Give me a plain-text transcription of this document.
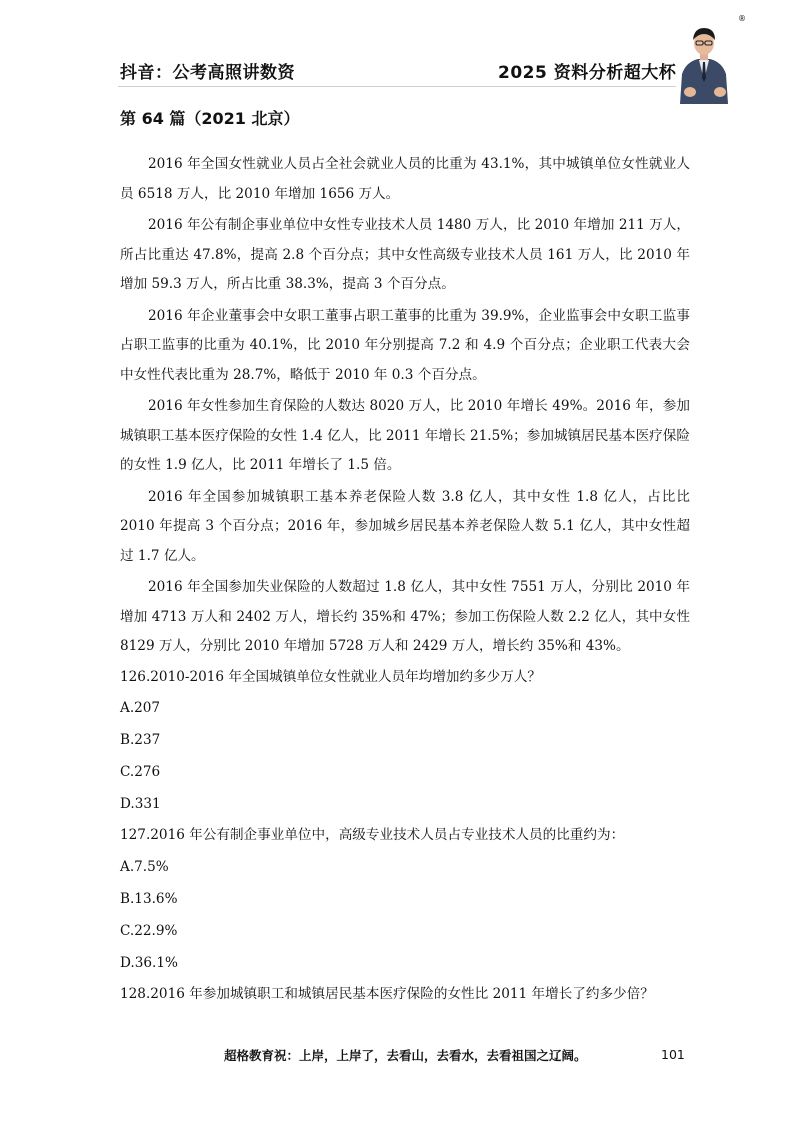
抖音：公考高照讲数资	2025 资料分析超大杯
®
第 64 篇（2021 北京）

2016 年全国女性就业人员占全社会就业人员的比重为 43.1%，其中城镇单位女性就业人员 6518 万人，比 2010 年增加 1656 万人。

2016 年公有制企事业单位中女性专业技术人员 1480 万人，比 2010 年增加 211 万人，所占比重达 47.8%，提高 2.8 个百分点；其中女性高级专业技术人员 161 万人，比 2010 年增加 59.3 万人，所占比重 38.3%，提高 3 个百分点。

2016 年企业董事会中女职工董事占职工董事的比重为 39.9%，企业监事会中女职工监事占职工监事的比重为 40.1%，比 2010 年分别提高 7.2 和 4.9 个百分点；企业职工代表大会中女性代表比重为 28.7%，略低于 2010 年 0.3 个百分点。

2016 年女性参加生育保险的人数达 8020 万人，比 2010 年增长 49%。2016 年，参加城镇职工基本医疗保险的女性 1.4 亿人，比 2011 年增长 21.5%；参加城镇居民基本医疗保险的女性 1.9 亿人，比 2011 年增长了 1.5 倍。

2016 年全国参加城镇职工基本养老保险人数 3.8 亿人，其中女性 1.8 亿人，占比比 2010 年提高 3 个百分点；2016 年，参加城乡居民基本养老保险人数 5.1 亿人，其中女性超过 1.7 亿人。

2016 年全国参加失业保险的人数超过 1.8 亿人，其中女性 7551 万人，分别比 2010 年增加 4713 万人和 2402 万人，增长约 35%和 47%；参加工伤保险人数 2.2 亿人，其中女性 8129 万人，分别比 2010 年增加 5728 万人和 2429 万人，增长约 35%和 43%。

126.2010-2016 年全国城镇单位女性就业人员年均增加约多少万人？

A.207

B.237

C.276

D.331

127.2016 年公有制企事业单位中，高级专业技术人员占专业技术人员的比重约为：

A.7.5%

B.13.6%

C.22.9%

D.36.1%

128.2016 年参加城镇职工和城镇居民基本医疗保险的女性比 2011 年增长了约多少倍？

超格教育祝：上岸，上岸了，去看山，去看水，去看祖国之辽阔。	101
